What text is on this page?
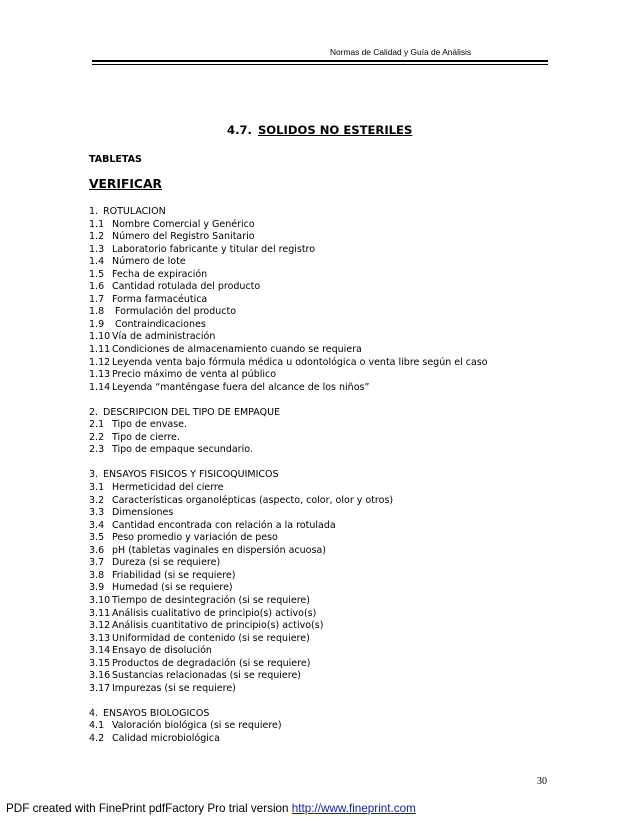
Normas de Calidad y Guía de Análisis
4.7. SOLIDOS NO ESTERILES
TABLETAS
VERIFICAR
1. ROTULACION
1.1 Nombre Comercial y Genérico
1.2 Número del Registro Sanitario
1.3 Laboratorio fabricante y titular del registro
1.4 Número de lote
1.5 Fecha de expiración
1.6 Cantidad rotulada del producto
1.7 Forma farmacéutica
1.8 Formulación del producto
1.9 Contraindicaciones
1.10 Vía de administración
1.11 Condiciones de almacenamiento cuando se requiera
1.12 Leyenda venta bajo fórmula médica u odontológica o venta libre según el caso
1.13 Precio máximo de venta al público
1.14 Leyenda “manténgase fuera del alcance de los niños”
2. DESCRIPCION DEL TIPO DE EMPAQUE
2.1 Tipo de envase.
2.2 Tipo de cierre.
2.3 Tipo de empaque secundario.
3. ENSAYOS FISICOS Y FISICOQUIMICOS
3.1 Hermeticidad del cierre
3.2 Características organolépticas (aspecto, color, olor y otros)
3.3 Dimensiones
3.4 Cantidad encontrada con relación a la rotulada
3.5 Peso promedio y variación de peso
3.6 pH (tabletas vaginales en dispersión acuosa)
3.7 Dureza (si se requiere)
3.8 Friabilidad (si se requiere)
3.9 Humedad (si se requiere)
3.10 Tiempo de desintegración (si se requiere)
3.11 Análisis cualitativo de principio(s) activo(s)
3.12 Análisis cuantitativo de principio(s) activo(s)
3.13 Uniformidad de contenido (si se requiere)
3.14 Ensayo de disolución
3.15 Productos de degradación (si se requiere)
3.16 Sustancias relacionadas (si se requiere)
3.17 Impurezas (si se requiere)
4. ENSAYOS BIOLOGICOS
4.1 Valoración biológica (si se requiere)
4.2 Calidad microbiológica
30
PDF created with FinePrint pdfFactory Pro trial version http://www.fineprint.com
